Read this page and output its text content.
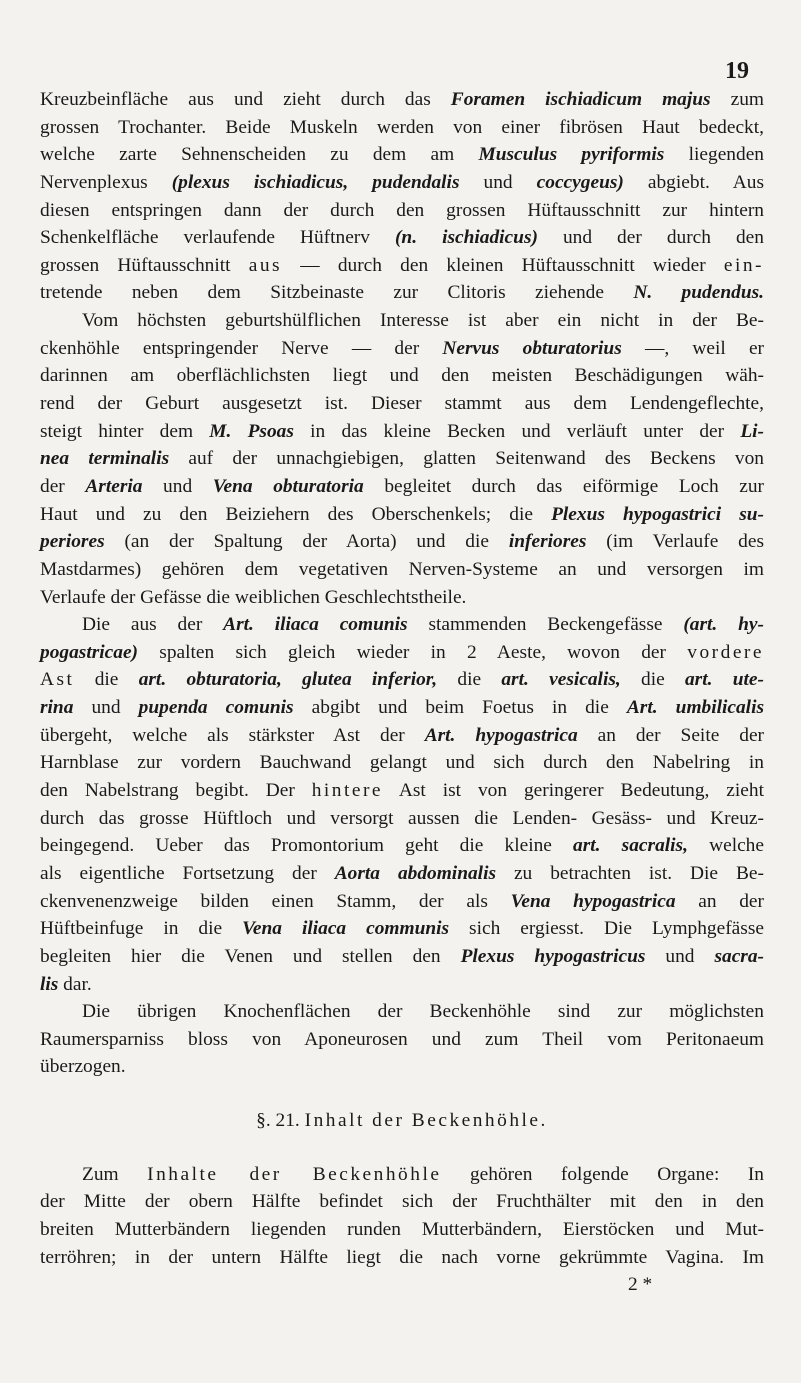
19
Kreuzbeinfläche aus und zieht durch das Foramen ischiadicum majus zum
grossen Trochanter. Beide Muskeln werden von einer fibrösen Haut bedeckt,
welche zarte Sehnenscheiden zu dem am Musculus pyriformis liegenden
Nervenplexus (plexus ischiadicus, pudendalis und coccygeus) abgiebt. Aus
diesen entspringen dann der durch den grossen Hüftausschnitt zur hintern
Schenkelfläche verlaufende Hüftnerv (n. ischiadicus) und der durch den
grossen Hüftausschnitt aus — durch den kleinen Hüftausschnitt wieder ein-
tretende neben dem Sitzbeinaste zur Clitoris ziehende N. pudendus.
Vom höchsten geburtshülflichen Interesse ist aber ein nicht in der Be-
ckenhöhle entspringender Nerve — der Nervus obturatorius —, weil er
darinnen am oberflächlichsten liegt und den meisten Beschädigungen wäh-
rend der Geburt ausgesetzt ist. Dieser stammt aus dem Lendengeflechte,
steigt hinter dem M. Psoas in das kleine Becken und verläuft unter der Li-
nea terminalis auf der unnachgiebigen, glatten Seitenwand des Beckens von
der Arteria und Vena obturatoria begleitet durch das eiförmige Loch zur
Haut und zu den Beiziehern des Oberschenkels; die Plexus hypogastrici su-
periores (an der Spaltung der Aorta) und die inferiores (im Verlaufe des
Mastdarmes) gehören dem vegetativen Nerven-Systeme an und versorgen im
Verlaufe der Gefässe die weiblichen Geschlechtstheile.
Die aus der Art. iliaca comunis stammenden Beckengefässe (art. hy-
pogastricae) spalten sich gleich wieder in 2 Aeste, wovon der vordere
Ast die art. obturatoria, glutea inferior, die art. vesicalis, die art. ute-
rina und pupenda comunis abgibt und beim Foetus in die Art. umbilicalis
übergeht, welche als stärkster Ast der Art. hypogastrica an der Seite der
Harnblase zur vordern Bauchwand gelangt und sich durch den Nabelring in
den Nabelstrang begibt. Der hintere Ast ist von geringerer Bedeutung, zieht
durch das grosse Hüftloch und versorgt aussen die Lenden- Gesäss- und Kreuz-
beingegend. Ueber das Promontorium geht die kleine art. sacralis, welche
als eigentliche Fortsetzung der Aorta abdominalis zu betrachten ist. Die Be-
ckenvenenzweige bilden einen Stamm, der als Vena hypogastrica an der
Hüftbeinfuge in die Vena iliaca communis sich ergiesst. Die Lymphgefässe
begleiten hier die Venen und stellen den Plexus hypogastricus und sacra-
lis dar.
Die übrigen Knochenflächen der Beckenhöhle sind zur möglichsten
Raumersparniss bloss von Aponeurosen und zum Theil vom Peritonaeum
überzogen.
§. 21. Inhalt der Beckenhöhle.
Zum Inhalte der Beckenhöhle gehören folgende Organe: In
der Mitte der obern Hälfte befindet sich der Fruchthälter mit den in den
breiten Mutterbändern liegenden runden Mutterbändern, Eierstöcken und Mut-
terröhren; in der untern Hälfte liegt die nach vorne gekrümmte Vagina. Im
2 *
